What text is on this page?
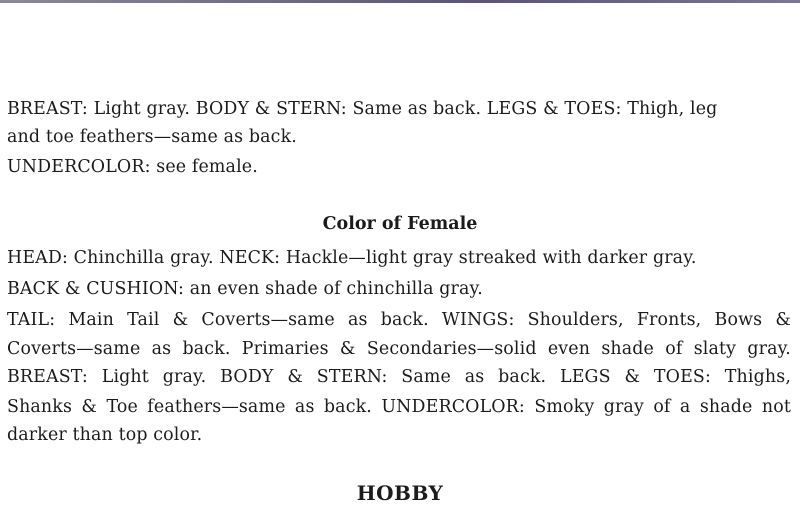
BREAST: Light gray. BODY & STERN: Same as back. LEGS & TOES: Thigh, leg
and toe feathers—same as back.
UNDERCOLOR: see female.
Color of Female
HEAD: Chinchilla gray. NECK: Hackle—light gray streaked with darker gray.
BACK & CUSHION: an even shade of chinchilla gray.
TAIL: Main Tail & Coverts—same as back. WINGS: Shoulders, Fronts, Bows &
Coverts—same as back. Primaries & Secondaries—solid even shade of slaty gray.
BREAST: Light gray. BODY & STERN: Same as back. LEGS & TOES: Thighs,
Shanks & Toe feathers—same as back. UNDERCOLOR: Smoky gray of a shade not
darker than top color.
HOBBY
